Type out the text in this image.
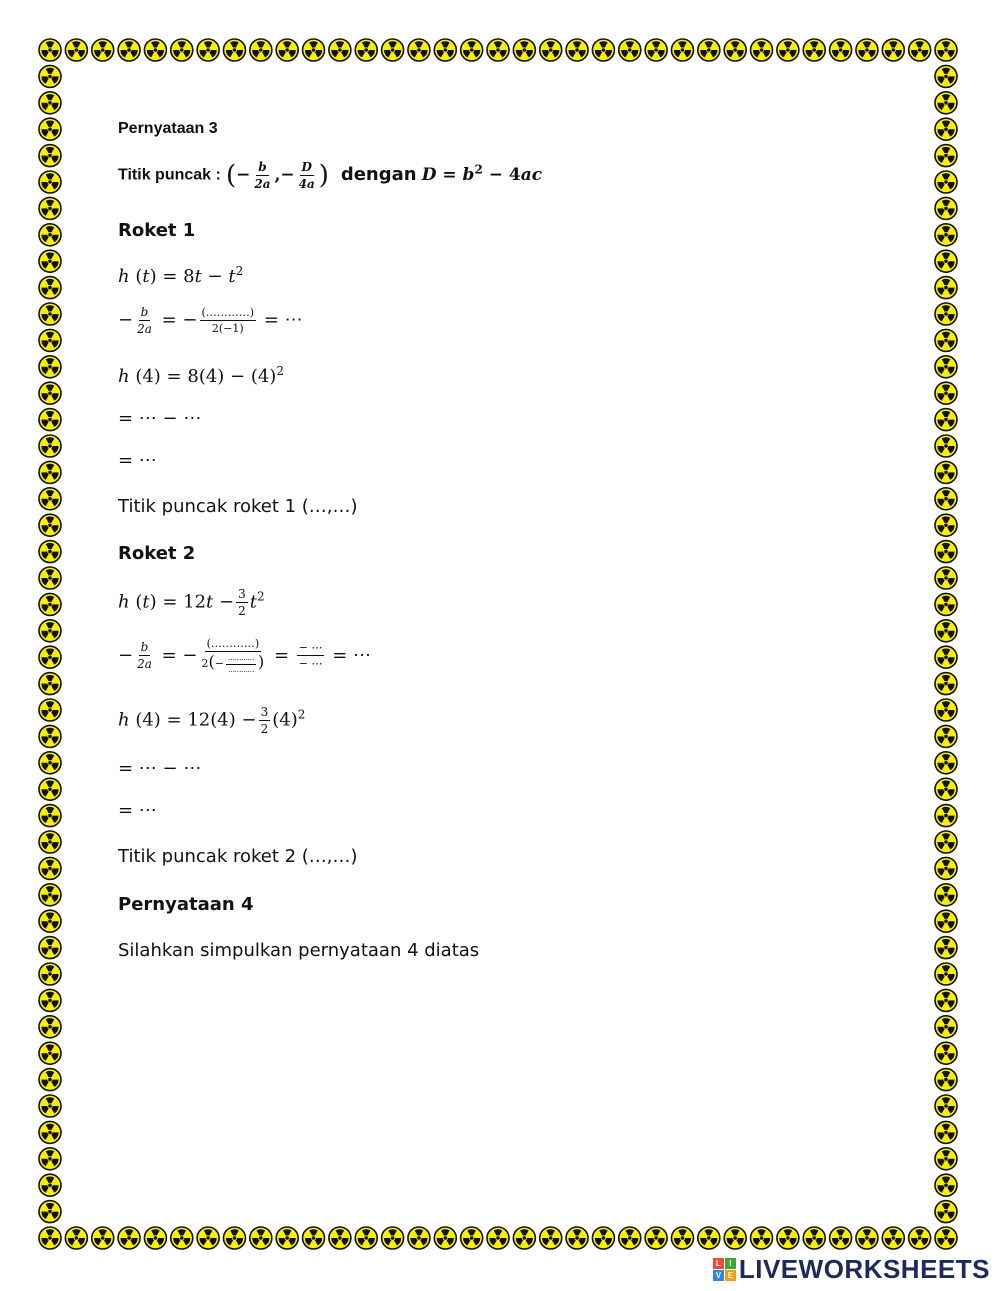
Pernyataan 3
Titik puncak : (− $\frac{b}{2a}$ ,− $\frac{D}{4a}$ ) dengan $D = b^2 - 4ac$
Roket 1
h $(t) = 8t - t^2$
− $\frac{b}{2a}$ = − $\frac{(\dots\dots\dots\dots)}{2(-1)}$ = ⋯
h $(4) = 8(4) - (4)^2$
= ⋯ − ⋯
= ⋯
Titik puncak roket 1 (…,…)
Roket 2
h $(t) = 12t - \frac{3}{2} t^2$
− $\frac{b}{2a}$ = − $\frac{(\dots\dots\dots\dots)}{2(- \frac{\dots\dots\dots\dots}{\dots\dots\dots\dots} )} = \frac{- \cdots}{- \cdots}$ = ⋯
h $(4) = 12(4) - \frac{3}{2} (4)^2$
= ⋯ − ⋯
= ⋯
Titik puncak roket 2 (…,…)
Pernyataan 4
Silahkan simpulkan pernyataan 4 diatas
L	I
V E LIVEWORKSHEETS
